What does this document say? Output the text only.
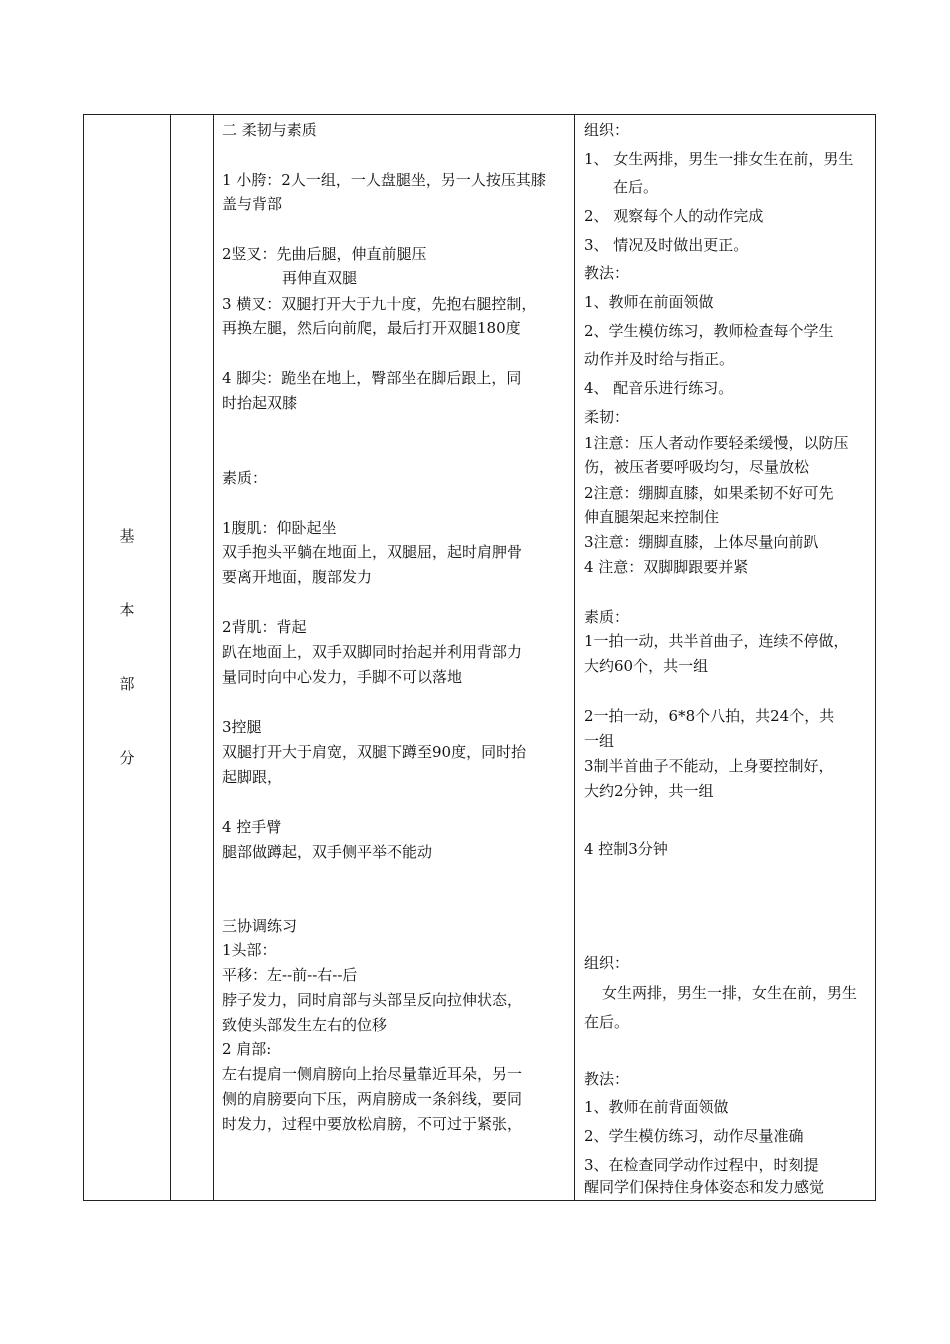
基
本
部
分
二 柔韧与素质
1 小胯：2人一组，一人盘腿坐，另一人按压其膝
盖与背部
2竖叉：先曲后腿，伸直前腿压
再伸直双腿
3 横叉：双腿打开大于九十度，先抱右腿控制，
再换左腿，然后向前爬，最后打开双腿180度
4 脚尖：跪坐在地上，臀部坐在脚后跟上，同
时抬起双膝
素质：
1腹肌：仰卧起坐
双手抱头平躺在地面上，双腿屈，起时肩胛骨
要离开地面，腹部发力
2背肌：背起
趴在地面上，双手双脚同时抬起并利用背部力
量同时向中心发力，手脚不可以落地
3控腿
双腿打开大于肩宽，双腿下蹲至90度，同时抬
起脚跟，
4 控手臂
腿部做蹲起，双手侧平举不能动
三协调练习
1头部：
平移：左--前--右--后
脖子发力，同时肩部与头部呈反向拉伸状态，
致使头部发生左右的位移
2 肩部:
左右提肩一侧肩膀向上抬尽量靠近耳朵，另一
侧的肩膀要向下压，两肩膀成一条斜线，要同
时发力，过程中要放松肩膀，不可过于紧张，
组织：
1、 女生两排，男生一排女生在前，男生
在后。
2、 观察每个人的动作完成
3、 情况及时做出更正。
教法：
1、教师在前面领做
2、学生模仿练习，教师检查每个学生
动作并及时给与指正。
4、 配音乐进行练习。
柔韧：
1注意：压人者动作要轻柔缓慢，以防压
伤，被压者要呼吸均匀，尽量放松
2注意：绷脚直膝，如果柔韧不好可先
伸直腿架起来控制住
3注意：绷脚直膝，上体尽量向前趴
4 注意：双脚脚跟要并紧
素质：
1一拍一动，共半首曲子，连续不停做，
大约60个，共一组
2一拍一动，6*8个八拍，共24个，共
一组
3制半首曲子不能动，上身要控制好，
大约2分钟，共一组
4 控制3分钟
组织：
女生两排，男生一排，女生在前，男生
在后。
教法：
1、教师在前背面领做
2、学生模仿练习，动作尽量准确
3、在检查同学动作过程中，时刻提
醒同学们保持住身体姿态和发力感觉
